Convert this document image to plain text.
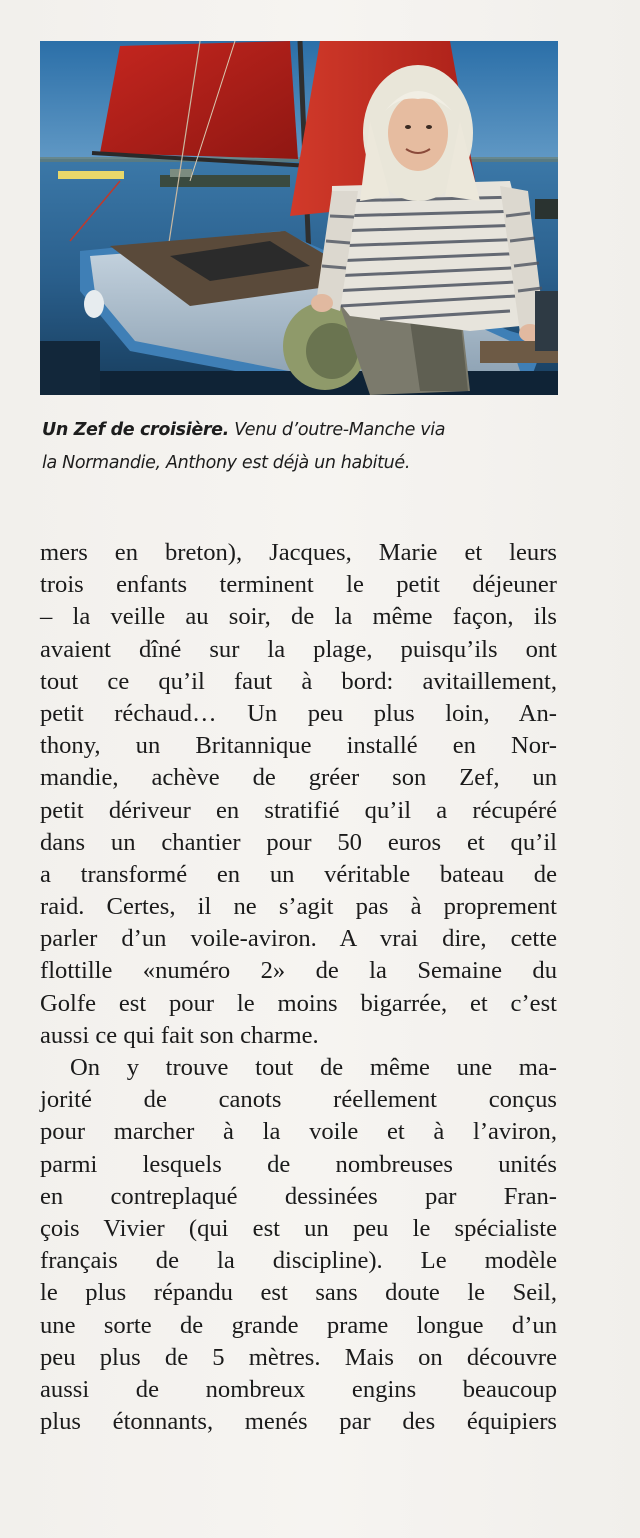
Un Zef de croisière. Venu d’outre-Manche via
la Normandie, Anthony est déjà un habitué.
mers en breton), Jacques, Marie et leurs
trois enfants terminent le petit déjeuner
– la veille au soir, de la même façon, ils
avaient dîné sur la plage, puisqu’ils ont
tout ce qu’il faut à bord: avitaillement,
petit réchaud… Un peu plus loin, An-
thony, un Britannique installé en Nor-
mandie, achève de gréer son Zef, un
petit dériveur en stratifié qu’il a récupéré
dans un chantier pour 50 euros et qu’il
a transformé en un véritable bateau de
raid. Certes, il ne s’agit pas à proprement
parler d’un voile-aviron. A vrai dire, cette
flottille «numéro 2» de la Semaine du
Golfe est pour le moins bigarrée, et c’est
aussi ce qui fait son charme.
On y trouve tout de même une ma-
jorité de canots réellement conçus
pour marcher à la voile et à l’aviron,
parmi lesquels de nombreuses unités
en contreplaqué dessinées par Fran-
çois Vivier (qui est un peu le spécialiste
français de la discipline). Le modèle
le plus répandu est sans doute le Seil,
une sorte de grande prame longue d’un
peu plus de 5 mètres. Mais on découvre
aussi de nombreux engins beaucoup
plus étonnants, menés par des équipiers
